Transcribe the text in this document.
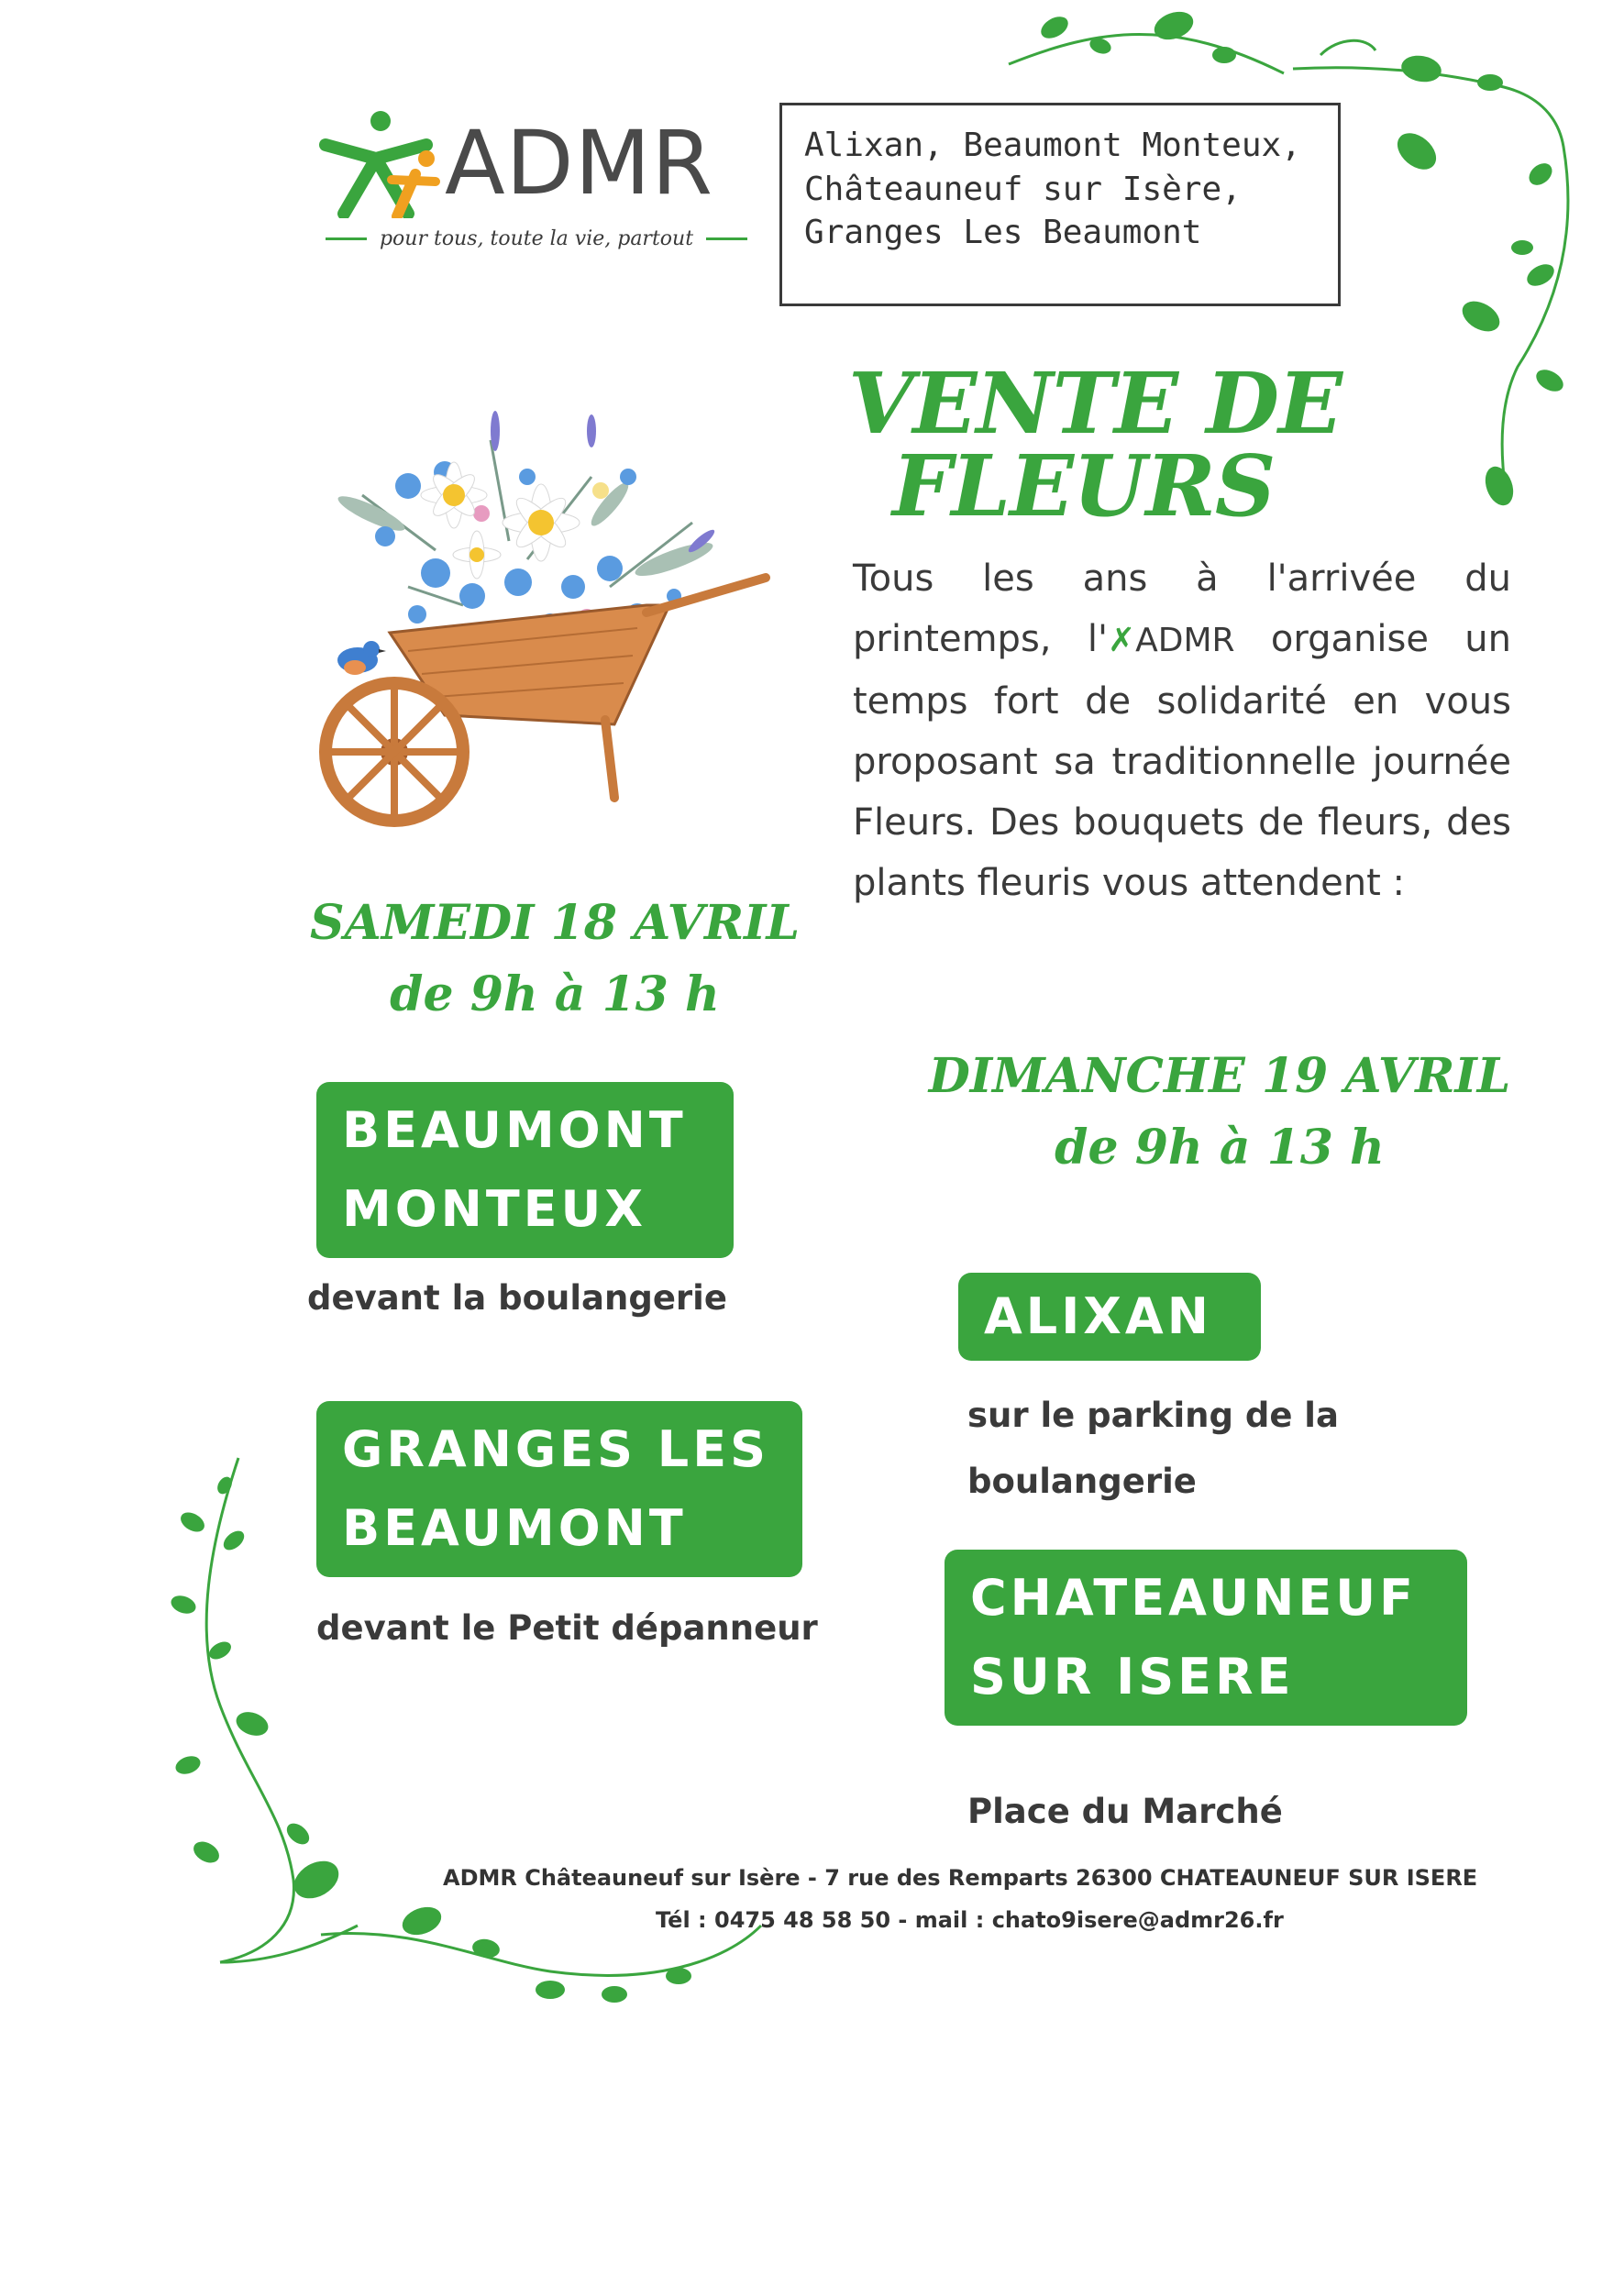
ADMR
pour tous, toute la vie, partout
Alixan, Beaumont Monteux,
Châteauneuf sur Isère,
Granges Les Beaumont
VENTE DE
FLEURS
Tous les ans à l'arrivée du printemps, l'✗ADMR organise un temps fort de solidarité en vous proposant sa traditionnelle journée Fleurs. Des bouquets de fleurs, des plants fleuris vous attendent :
SAMEDI 18 AVRIL
de 9h à 13 h
BEAUMONT
MONTEUX
devant la boulangerie
GRANGES LES
BEAUMONT
devant le Petit dépanneur
DIMANCHE 19 AVRIL
de 9h à 13 h
ALIXAN
sur le parking de la
boulangerie
CHATEAUNEUF
SUR ISERE
Place du Marché
ADMR Châteauneuf sur Isère - 7 rue des Remparts 26300 CHATEAUNEUF SUR ISERE
Tél : 0475 48 58 50 - mail : chato9isere@admr26.fr
